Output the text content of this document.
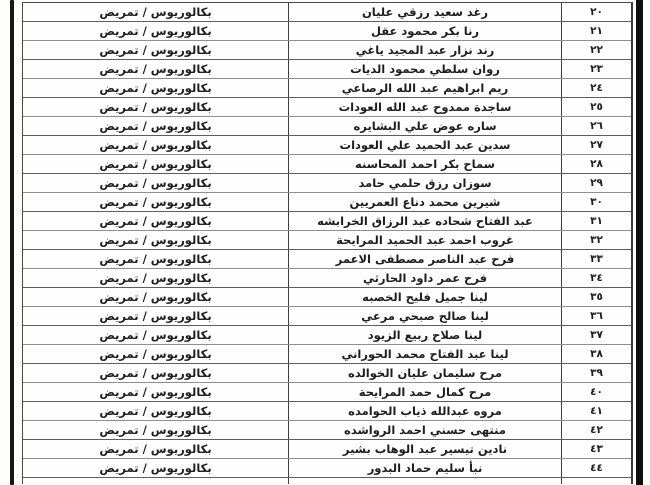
٢٠
رغد سعيد رزقي عليان
بكالوريوس / تمريض
٢١
رنا بكر محمود عقل
بكالوريوس / تمريض
٢٢
رند نزار عبد المجيد ياغي
بكالوريوس / تمريض
٢٣
روان سلطي محمود الديات
بكالوريوس / تمريض
٢٤
ريم ابراهيم عبد الله الرصاعي
بكالوريوس / تمريض
٢٥
ساجدة ممدوح عبد الله العودات
بكالوريوس / تمريض
٢٦
ساره عوض علي البشايره
بكالوريوس / تمريض
٢٧
سدين عبد الحميد علي العودات
بكالوريوس / تمريض
٢٨
سماح بكر احمد المحاسنه
بكالوريوس / تمريض
٢٩
سوزان رزق حلمي حامد
بكالوريوس / تمريض
٣٠
شيرين محمد دناع العمريين
بكالوريوس / تمريض
٣١
عبد الفتاح شحاده عبد الرزاق الخرابشه
بكالوريوس / تمريض
٣٢
غروب احمد عبد الحميد المرايحة
بكالوريوس / تمريض
٣٣
فرح عبد الناصر مصطفى الاعمر
بكالوريوس / تمريض
٣٤
فرح عمر داود الحارثي
بكالوريوس / تمريض
٣٥
لينا جميل فليح الخصبه
بكالوريوس / تمريض
٣٦
لينا صالح صبحي مرعي
بكالوريوس / تمريض
٣٧
لينا صلاح ربيع الزيود
بكالوريوس / تمريض
٣٨
لينا عبد الفتاح محمد الحوراني
بكالوريوس / تمريض
٣٩
مرح سليمان عليان الخوالده
بكالوريوس / تمريض
٤٠
مرح كمال حمد المرايحة
بكالوريوس / تمريض
٤١
مروه عبدالله ذياب الحوامده
بكالوريوس / تمريض
٤٢
منتهى حسني احمد الرواشده
بكالوريوس / تمريض
٤٣
نادين تيسير عبد الوهاب بشير
بكالوريوس / تمريض
٤٤
نبأ سليم حماد البدور
بكالوريوس / تمريض
